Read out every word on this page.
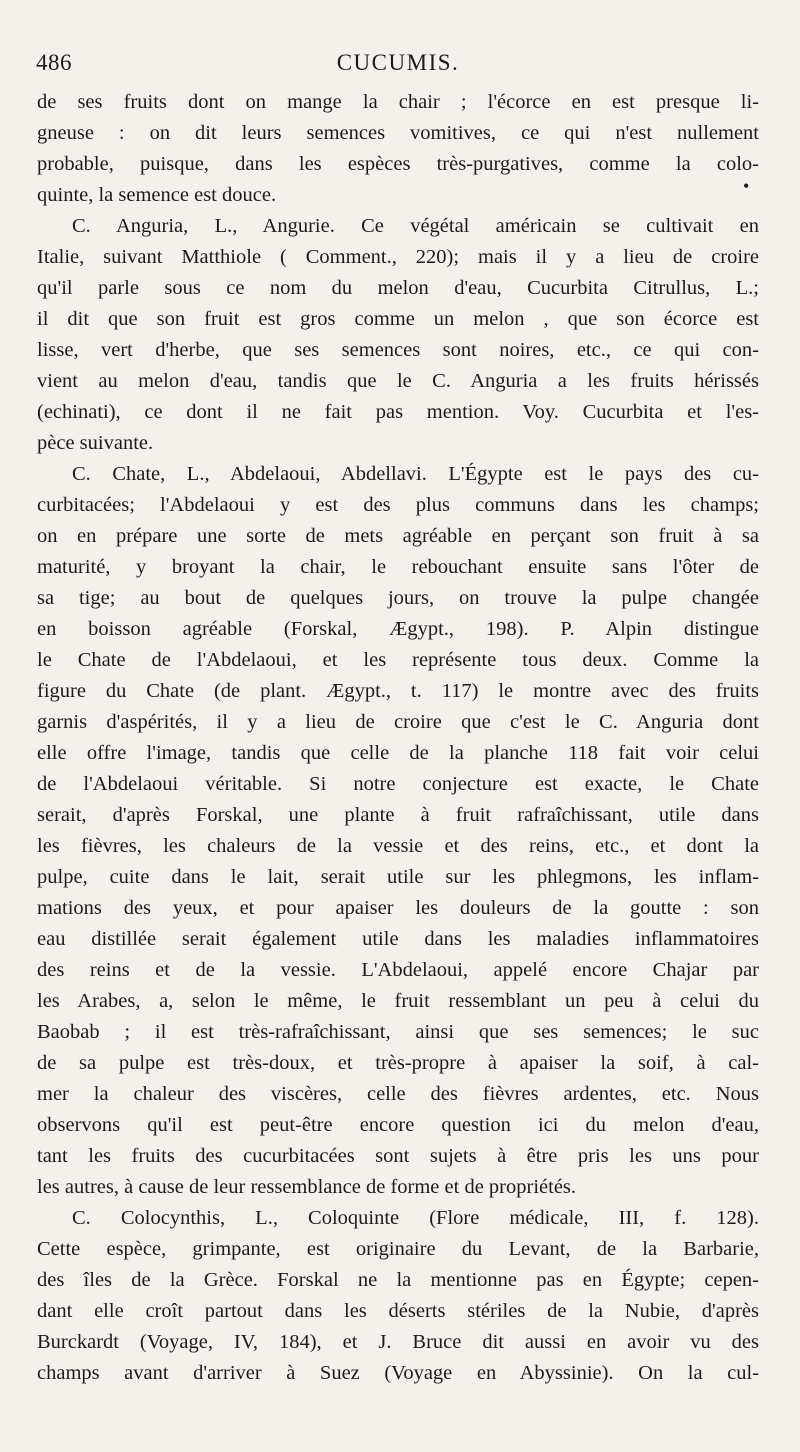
486	CUCUMIS.
•
de ses fruits dont on mange la chair ; l'écorce en est presque li-
gneuse : on dit leurs semences vomitives, ce qui n'est nullement
probable, puisque, dans les espèces très-purgatives, comme la colo-
quinte, la semence est douce.
C. Anguria, L., Angurie. Ce végétal américain se cultivait en
Italie, suivant Matthiole ( Comment., 220); mais il y a lieu de croire
qu'il parle sous ce nom du melon d'eau, Cucurbita Citrullus, L.;
il dit que son fruit est gros comme un melon , que son écorce est
lisse, vert d'herbe, que ses semences sont noires, etc., ce qui con-
vient au melon d'eau, tandis que le C. Anguria a les fruits hérissés
(echinati), ce dont il ne fait pas mention. Voy. Cucurbita et l'es-
pèce suivante.
C. Chate, L., Abdelaoui, Abdellavi. L'Égypte est le pays des cu-
curbitacées; l'Abdelaoui y est des plus communs dans les champs;
on en prépare une sorte de mets agréable en perçant son fruit à sa
maturité, y broyant la chair, le rebouchant ensuite sans l'ôter de
sa tige; au bout de quelques jours, on trouve la pulpe changée
en boisson agréable (Forskal, Ægypt., 198). P. Alpin distingue
le Chate de l'Abdelaoui, et les représente tous deux. Comme la
figure du Chate (de plant. Ægypt., t. 117) le montre avec des fruits
garnis d'aspérités, il y a lieu de croire que c'est le C. Anguria dont
elle offre l'image, tandis que celle de la planche 118 fait voir celui
de l'Abdelaoui véritable. Si notre conjecture est exacte, le Chate
serait, d'après Forskal, une plante à fruit rafraîchissant, utile dans
les fièvres, les chaleurs de la vessie et des reins, etc., et dont la
pulpe, cuite dans le lait, serait utile sur les phlegmons, les inflam-
mations des yeux, et pour apaiser les douleurs de la goutte : son
eau distillée serait également utile dans les maladies inflammatoires
des reins et de la vessie. L'Abdelaoui, appelé encore Chajar par
les Arabes, a, selon le même, le fruit ressemblant un peu à celui du
Baobab ; il est très-rafraîchissant, ainsi que ses semences; le suc
de sa pulpe est très-doux, et très-propre à apaiser la soif, à cal-
mer la chaleur des viscères, celle des fièvres ardentes, etc. Nous
observons qu'il est peut-être encore question ici du melon d'eau,
tant les fruits des cucurbitacées sont sujets à être pris les uns pour
les autres, à cause de leur ressemblance de forme et de propriétés.
C. Colocynthis, L., Coloquinte (Flore médicale, III, f. 128).
Cette espèce, grimpante, est originaire du Levant, de la Barbarie,
des îles de la Grèce. Forskal ne la mentionne pas en Égypte; cepen-
dant elle croît partout dans les déserts stériles de la Nubie, d'après
Burckardt (Voyage, IV, 184), et J. Bruce dit aussi en avoir vu des
champs avant d'arriver à Suez (Voyage en Abyssinie). On la cul-
